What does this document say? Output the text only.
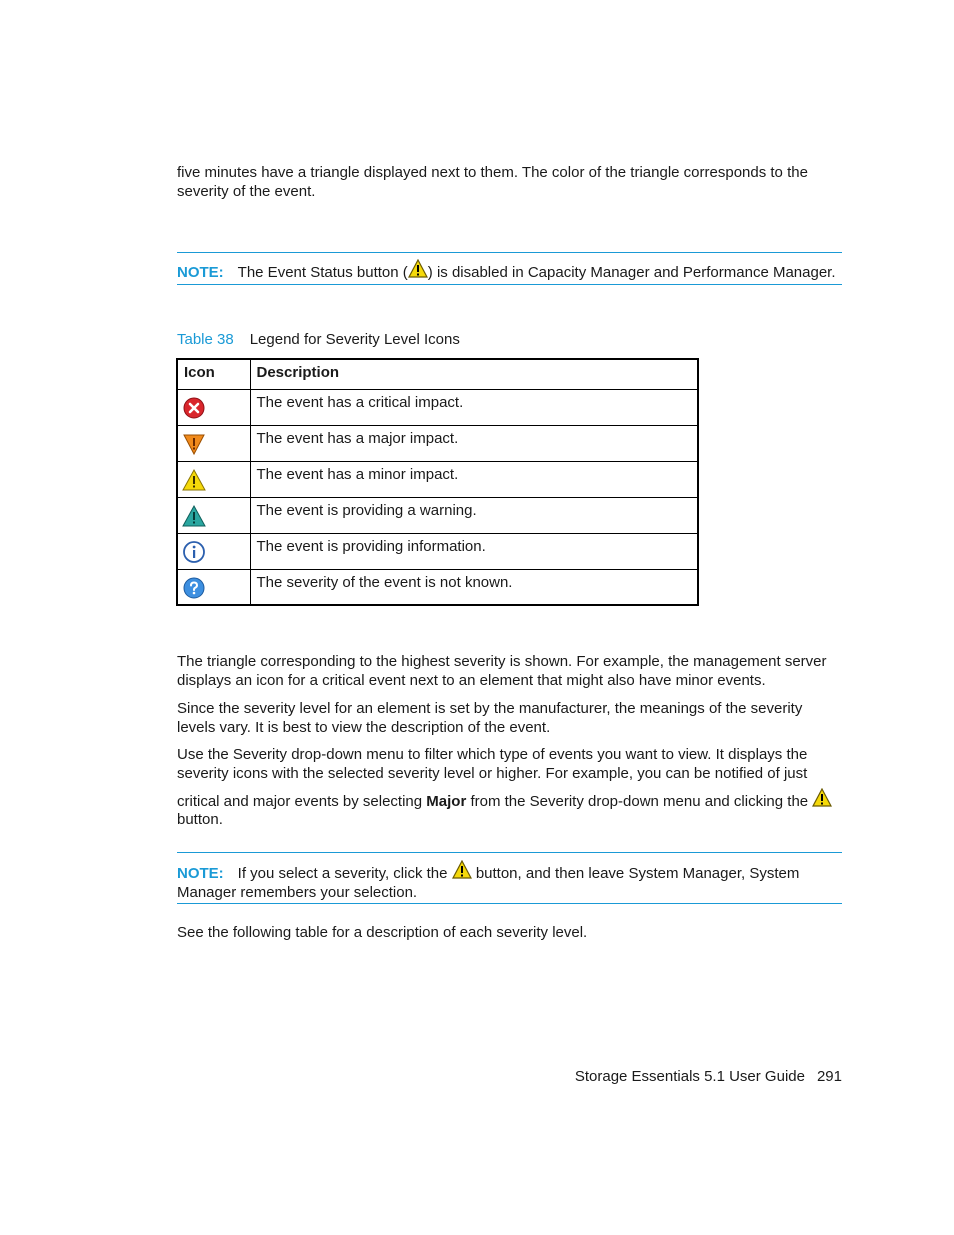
five minutes have a triangle displayed next to them. The color of the triangle corresponds to the severity of the event.

NOTE: The Event Status button ( ) is disabled in Capacity Manager and Performance Manager.
Table 38 Legend for Severity Level Icons
Icon	Description

	The event has a critical impact.

	The event has a major impact.

	The event has a minor impact.

	The event is providing a warning.

	The event is providing information.

	The severity of the event is not known.

The triangle corresponding to the highest severity is shown. For example, the management server displays an icon for a critical event next to an element that might also have minor events.

Since the severity level for an element is set by the manufacturer, the meanings of the severity levels vary. It is best to view the description of the event.

Use the Severity drop-down menu to filter which type of events you want to view. It displays the severity icons with the selected severity level or higher. For example, you can be notified of just

critical and major events by selecting Major from the Severity drop-down menu and clicking the

button.

NOTE: If you select a severity, click the
button, and then leave System Manager, System Manager remembers your selection.

See the following table for a description of each severity level.

Storage Essentials 5.1 User Guide 291
